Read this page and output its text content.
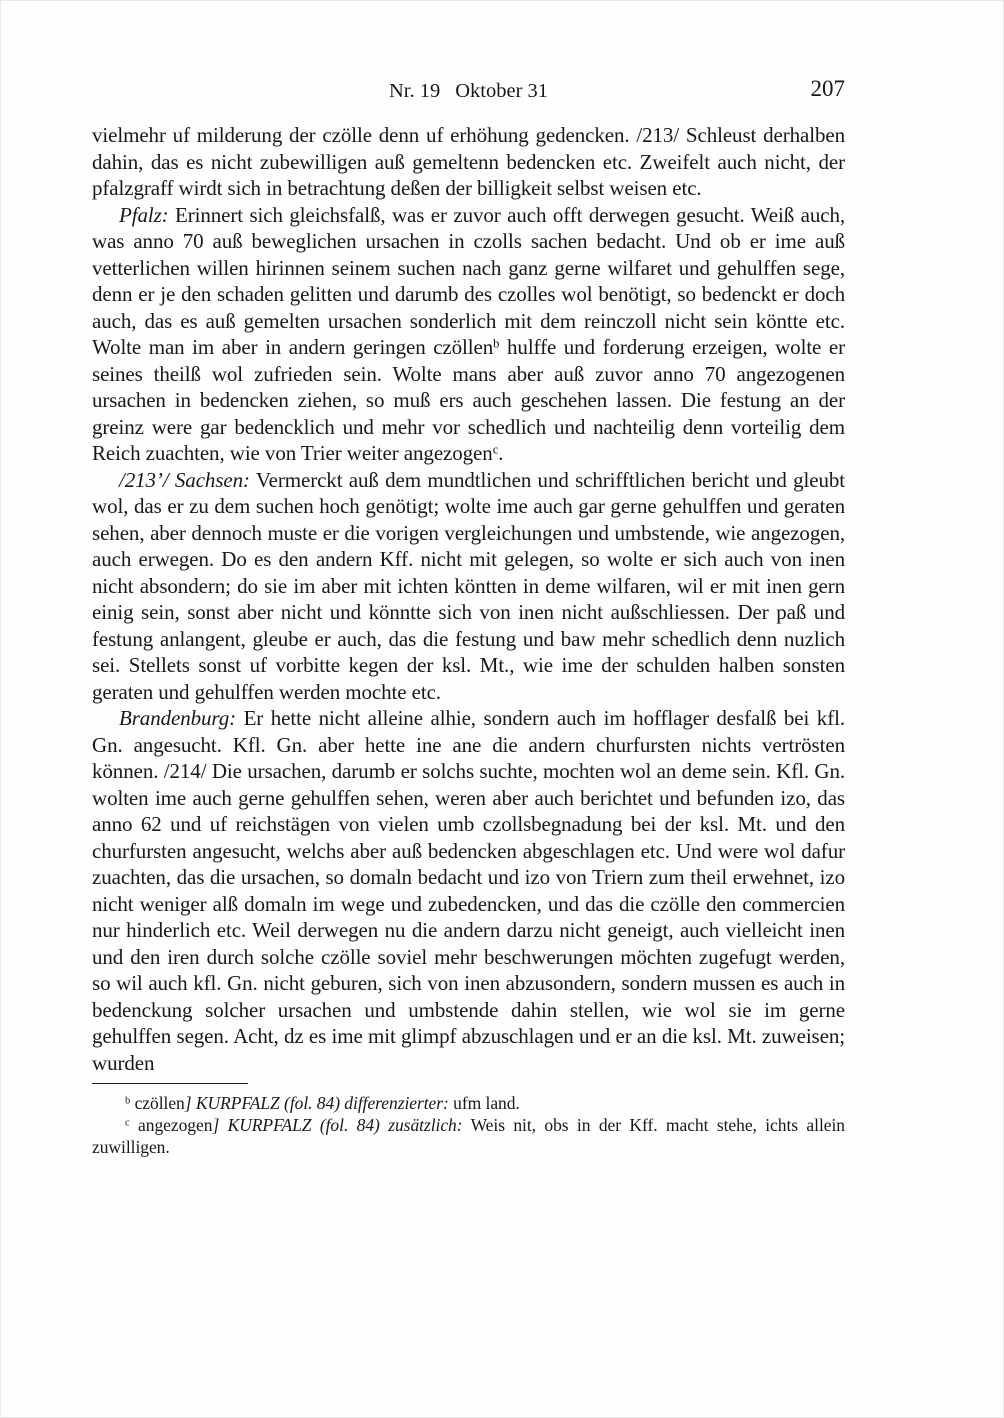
Nr. 19 Oktober 31	207

vielmehr uf milderung der czölle denn uf erhöhung gedencken. /213/ Schleust derhalben dahin, das es nicht zubewilligen auß gemeltenn bedencken etc. Zweifelt auch nicht, der pfalzgraff wirdt sich in betrachtung deßen der billigkeit selbst weisen etc.

Pfalz: Erinnert sich gleichsfalß, was er zuvor auch offt derwegen gesucht. Weiß auch, was anno 70 auß beweglichen ursachen in czolls sachen bedacht. Und ob er ime auß vetterlichen willen hirinnen seinem suchen nach ganz gerne wilfaret und gehulffen sege, denn er je den schaden gelitten und darumb des czolles wol benötigt, so bedenckt er doch auch, das es auß gemelten ursachen sonderlich mit dem reinczoll nicht sein köntte etc. Wolte man im aber in andern geringen czöllen$^b$ hulffe und forderung erzeigen, wolte er seines theilß wol zufrieden sein. Wolte mans aber auß zuvor anno 70 angezogenen ursachen in bedencken ziehen, so muß ers auch geschehen lassen. Die festung an der greinz were gar bedencklich und mehr vor schedlich und nachteilig denn vorteilig dem Reich zuachten, wie von Trier weiter angezogen$^c$.

/213’/ Sachsen: Vermerckt auß dem mundtlichen und schrifftlichen bericht und gleubt wol, das er zu dem suchen hoch genötigt; wolte ime auch gar gerne gehulffen und geraten sehen, aber dennoch muste er die vorigen vergleichungen und umbstende, wie angezogen, auch erwegen. Do es den andern Kff. nicht mit gelegen, so wolte er sich auch von inen nicht absondern; do sie im aber mit ichten köntten in deme wilfaren, wil er mit inen gern einig sein, sonst aber nicht und könntte sich von inen nicht außschliessen. Der paß und festung anlangent, gleube er auch, das die festung und baw mehr schedlich denn nuzlich sei. Stellets sonst uf vorbitte kegen der ksl. Mt., wie ime der schulden halben sonsten geraten und gehulffen werden mochte etc.

Brandenburg: Er hette nicht alleine alhie, sondern auch im hofflager desfalß bei kfl. Gn. angesucht. Kfl. Gn. aber hette ine ane die andern churfursten nichts vertrösten können. /214/ Die ursachen, darumb er solchs suchte, mochten wol an deme sein. Kfl. Gn. wolten ime auch gerne gehulffen sehen, weren aber auch berichtet und befunden izo, das anno 62 und uf reichstägen von vielen umb czollsbegnadung bei der ksl. Mt. und den churfursten angesucht, welchs aber auß bedencken abgeschlagen etc. Und were wol dafur zuachten, das die ursachen, so domaln bedacht und izo von Triern zum theil erwehnet, izo nicht weniger alß domaln im wege und zubedencken, und das die czölle den commercien nur hinderlich etc. Weil derwegen nu die andern darzu nicht geneigt, auch vielleicht inen und den iren durch solche czölle soviel mehr beschwerungen möchten zugefugt werden, so wil auch kfl. Gn. nicht geburen, sich von inen abzusondern, sondern mussen es auch in bedenckung solcher ursachen und umbstende dahin stellen, wie wol sie im gerne gehulffen segen. Acht, dz es ime mit glimpf abzuschlagen und er an die ksl. Mt. zuweisen; wurden

$^b$ czöllen] KURPFALZ (fol. 84) differenzierter: ufm land.

$^c$ angezogen] KURPFALZ (fol. 84) zusätzlich: Weis nit, obs in der Kff. macht stehe, ichts allein zuwilligen.
